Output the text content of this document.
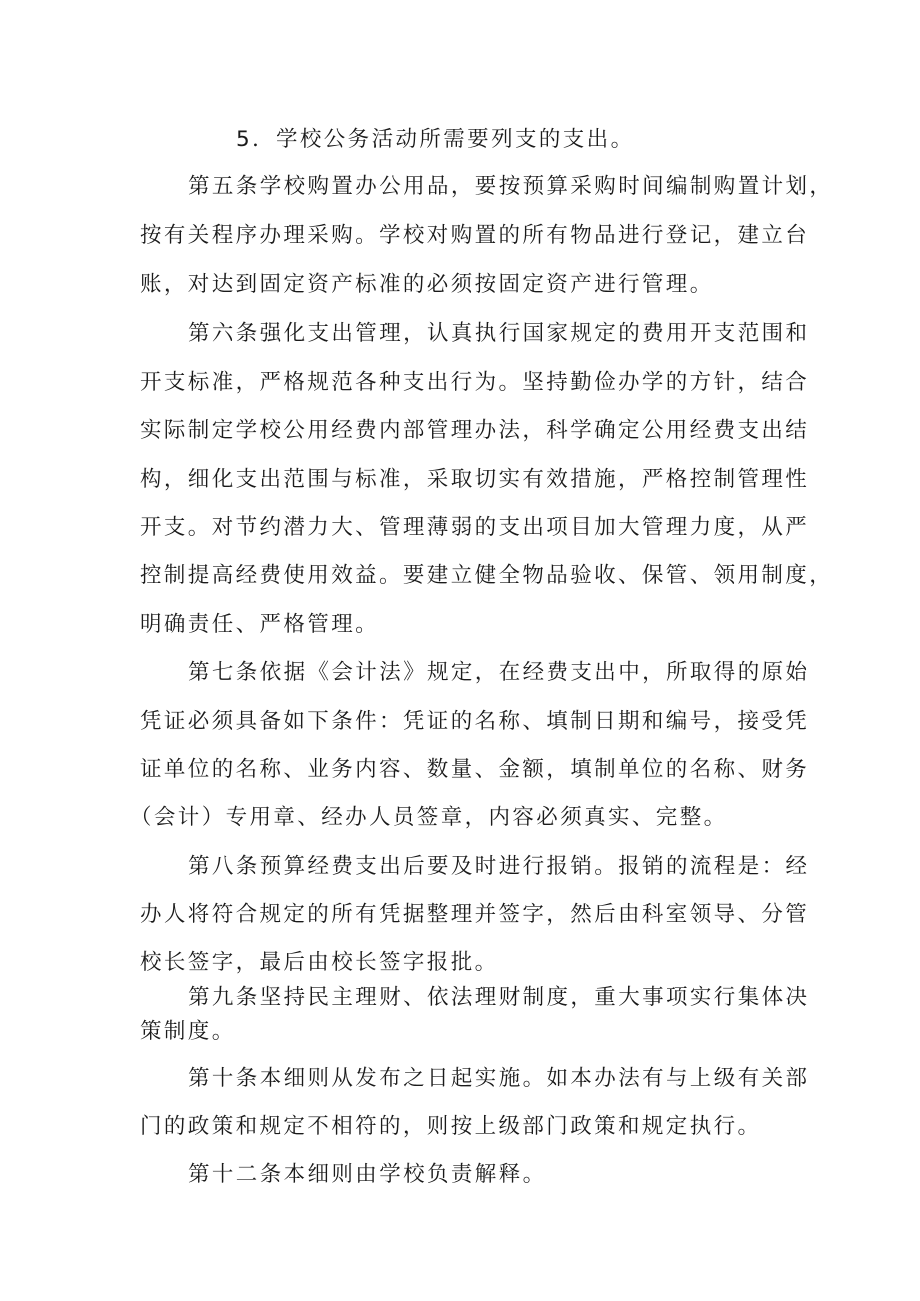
5．学校公务活动所需要列支的支出。
第五条学校购置办公用品，要按预算采购时间编制购置计划，
按有关程序办理采购。学校对购置的所有物品进行登记，建立台
账，对达到固定资产标准的必须按固定资产进行管理。
第六条强化支出管理，认真执行国家规定的费用开支范围和
开支标准，严格规范各种支出行为。坚持勤俭办学的方针，结合
实际制定学校公用经费内部管理办法，科学确定公用经费支出结
构，细化支出范围与标准，采取切实有效措施，严格控制管理性
开支。对节约潜力大、管理薄弱的支出项目加大管理力度，从严
控制提高经费使用效益。要建立健全物品验收、保管、领用制度，
明确责任、严格管理。
第七条依据《会计法》规定，在经费支出中，所取得的原始
凭证必须具备如下条件：凭证的名称、填制日期和编号，接受凭
证单位的名称、业务内容、数量、金额，填制单位的名称、财务
（会计）专用章、经办人员签章，内容必须真实、完整。
第八条预算经费支出后要及时进行报销。报销的流程是：经
办人将符合规定的所有凭据整理并签字，然后由科室领导、分管
校长签字，最后由校长签字报批。
第九条坚持民主理财、依法理财制度，重大事项实行集体决
策制度。
第十条本细则从发布之日起实施。如本办法有与上级有关部
门的政策和规定不相符的，则按上级部门政策和规定执行。
第十二条本细则由学校负责解释。
